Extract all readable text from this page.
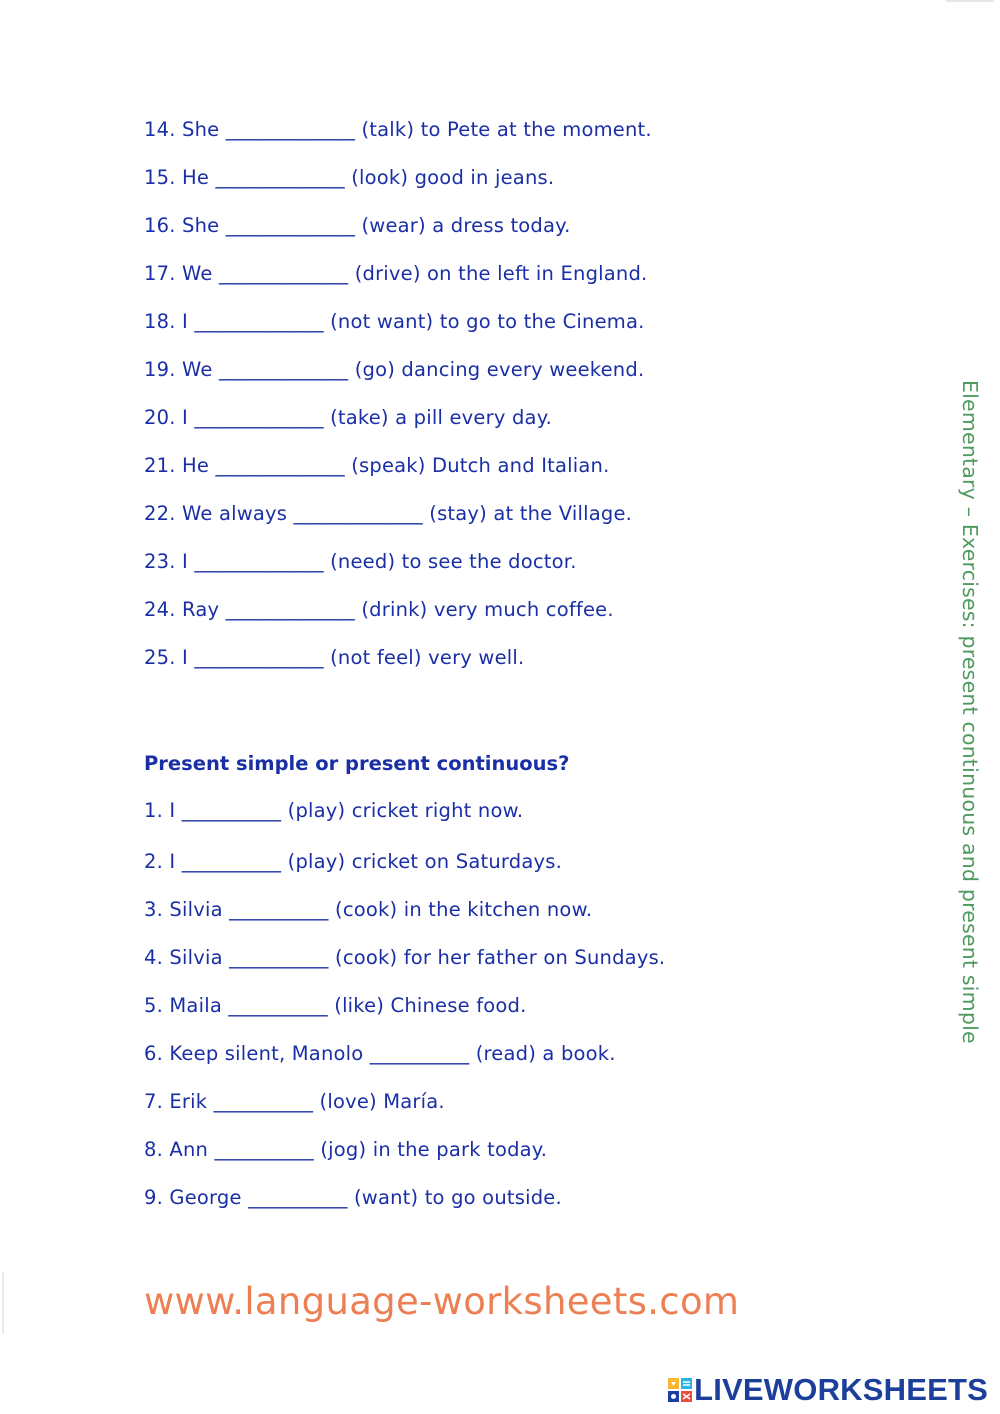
14. She _____________ (talk) to Pete at the moment.
15. He _____________ (look) good in jeans.
16. She _____________ (wear) a dress today.
17. We _____________ (drive) on the left in England.
18. I _____________ (not want) to go to the Cinema.
19. We _____________ (go) dancing every weekend.
20. I _____________ (take) a pill every day.
21. He _____________ (speak) Dutch and Italian.
22. We always _____________ (stay) at the Village.
23. I _____________ (need) to see the doctor.
24. Ray _____________ (drink) very much coffee.
25. I _____________ (not feel) very well.
Present simple or present continuous?
1. I __________ (play) cricket right now.
2. I __________ (play) cricket on Saturdays.
3. Silvia __________ (cook) in the kitchen now.
4. Silvia __________ (cook) for her father on Sundays.
5. Maila __________ (like) Chinese food.
6. Keep silent, Manolo __________ (read) a book.
7. Erik __________ (love) María.
8. Ann __________ (jog) in the park today.
9. George __________ (want) to go outside.
Elementary – Exercises: present continuous and present simple
www.language-worksheets.com
LIVEWORKSHEETS
